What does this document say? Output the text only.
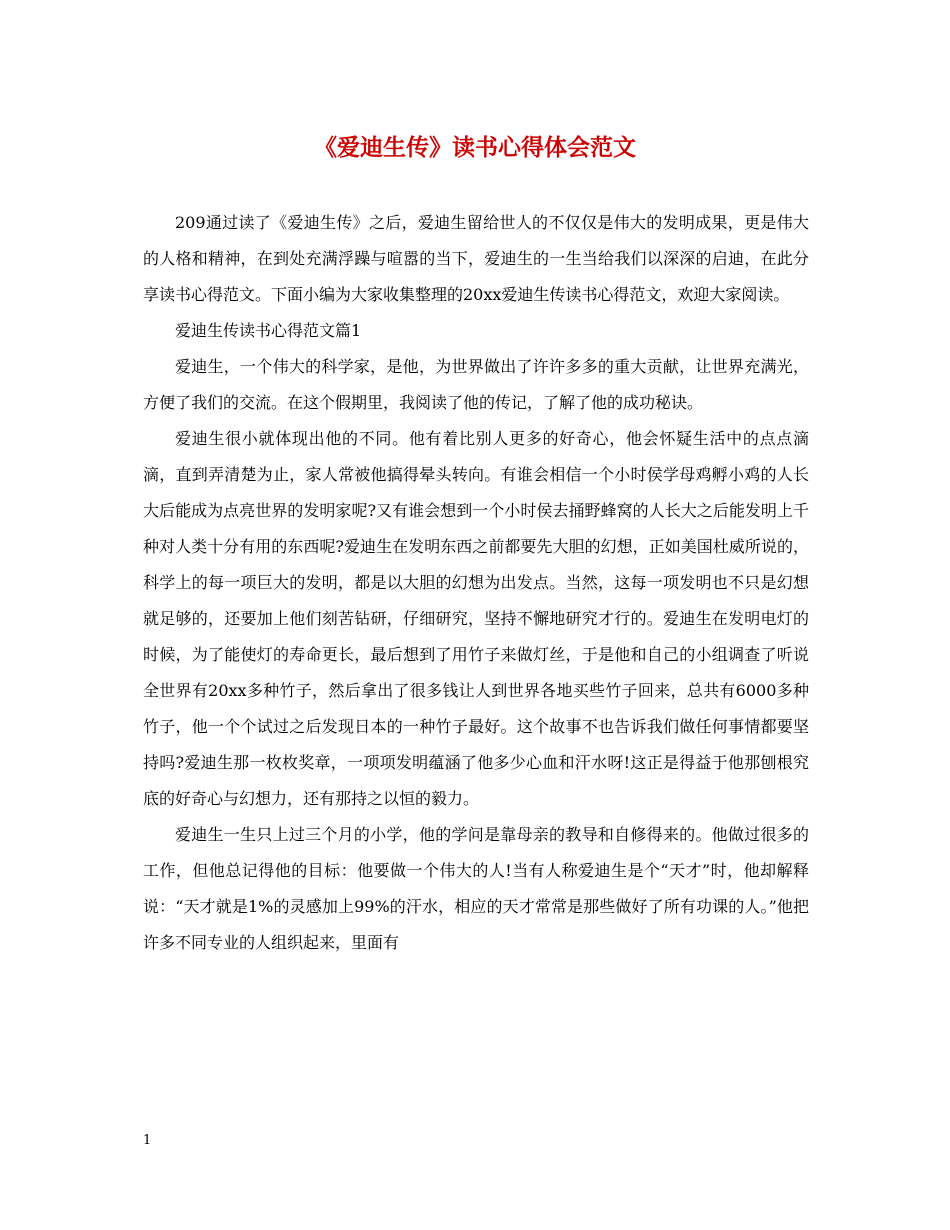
《爱迪生传》读书心得体会范文

209通过读了《爱迪生传》之后，爱迪生留给世人的不仅仅是伟大的发明成果，更是伟大的人格和精神，在到处充满浮躁与喧嚣的当下，爱迪生的一生当给我们以深深的启迪，在此分享读书心得范文。下面小编为大家收集整理的20xx爱迪生传读书心得范文，欢迎大家阅读。

爱迪生传读书心得范文篇1

爱迪生，一个伟大的科学家，是他，为世界做出了许许多多的重大贡献，让世界充满光，方便了我们的交流。在这个假期里，我阅读了他的传记，了解了他的成功秘诀。

爱迪生很小就体现出他的不同。他有着比别人更多的好奇心，他会怀疑生活中的点点滴滴，直到弄清楚为止，家人常被他搞得晕头转向。有谁会相信一个小时侯学母鸡孵小鸡的人长大后能成为点亮世界的发明家呢?又有谁会想到一个小时侯去捅野蜂窝的人长大之后能发明上千种对人类十分有用的东西呢?爱迪生在发明东西之前都要先大胆的幻想，正如美国杜威所说的，科学上的每一项巨大的发明，都是以大胆的幻想为出发点。当然，这每一项发明也不只是幻想就足够的，还要加上他们刻苦钻研，仔细研究，坚持不懈地研究才行的。爱迪生在发明电灯的时候，为了能使灯的寿命更长，最后想到了用竹子来做灯丝，于是他和自己的小组调查了听说全世界有20xx多种竹子，然后拿出了很多钱让人到世界各地买些竹子回来，总共有6000多种竹子，他一个个试过之后发现日本的一种竹子最好。这个故事不也告诉我们做任何事情都要坚持吗?爱迪生那一枚枚奖章，一项项发明蕴涵了他多少心血和汗水呀!这正是得益于他那刨根究底的好奇心与幻想力，还有那持之以恒的毅力。

爱迪生一生只上过三个月的小学，他的学问是靠母亲的教导和自修得来的。他做过很多的工作，但他总记得他的目标：他要做一个伟大的人!当有人称爱迪生是个“天才”时，他却解释说：“天才就是1%的灵感加上99%的汗水，相应的天才常常是那些做好了所有功课的人。”他把许多不同专业的人组织起来，里面有

1
